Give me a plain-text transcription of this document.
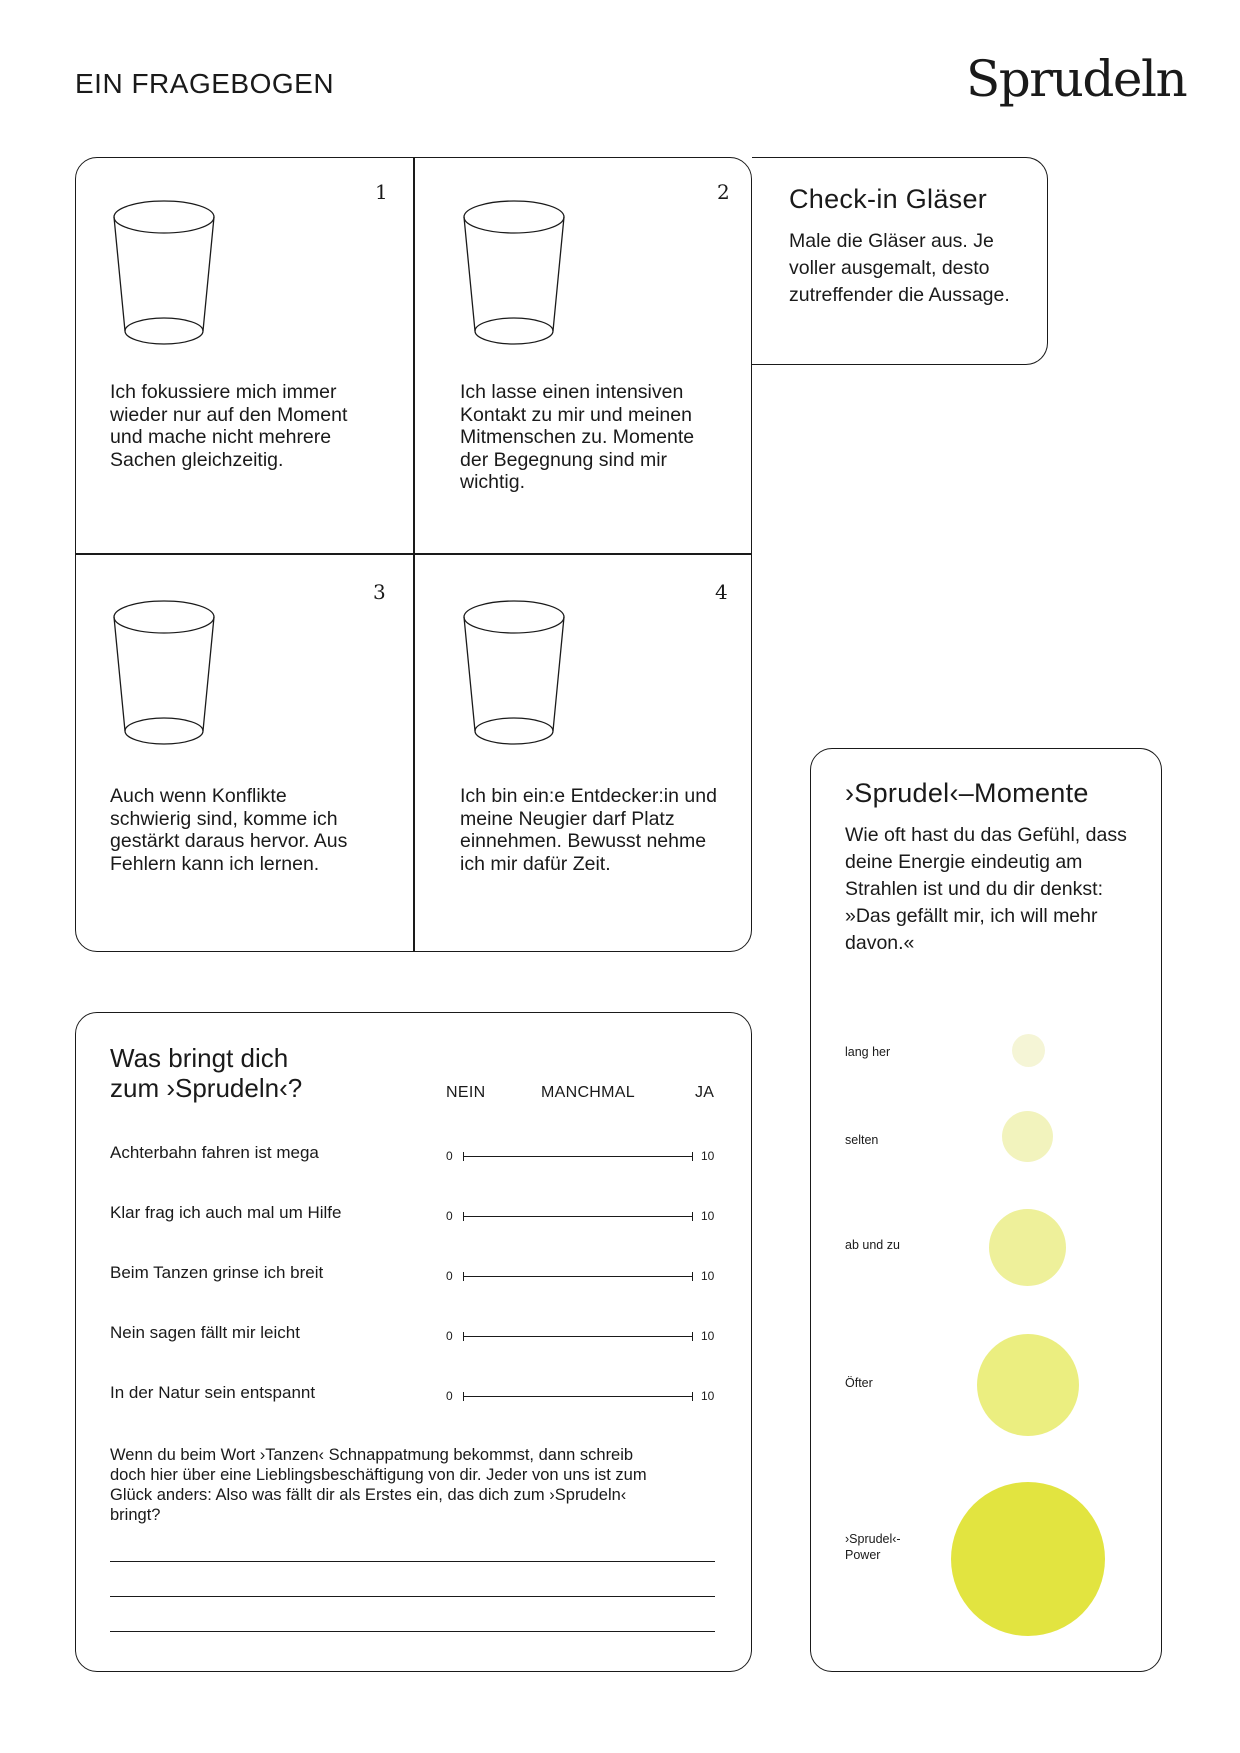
EIN FRAGEBOGEN	Sprudeln
1
Ich fokussiere mich immer wieder nur auf den Moment und mache nicht mehrere Sachen gleichzeitig.
2
Ich lasse einen intensiven Kontakt zu mir und meinen Mitmenschen zu. Momente der Begegnung sind mir wichtig.
3
Auch wenn Konflikte schwierig sind, komme ich gestärkt daraus hervor. Aus Fehlern kann ich lernen.
4
Ich bin ein:e Entdecker:in und meine Neugier darf Platz einnehmen. Bewusst nehme ich mir dafür Zeit.
Check-in Gläser
Male die Gläser aus. Je voller ausgemalt, desto zutreffender die Aussage.
Was bringt dich
zum ›Sprudeln‹?	NEIN	MANCHMAL	JA
Achterbahn fahren ist mega	0	10
Klar frag ich auch mal um Hilfe	0	10
Beim Tanzen grinse ich breit	0	10
Nein sagen fällt mir leicht	0	10
In der Natur sein entspannt	0	10
Wenn du beim Wort ›Tanzen‹ Schnappatmung bekommst, dann schreib doch hier über eine Lieblingsbeschäftigung von dir. Jeder von uns ist zum Glück anders: Also was fällt dir als Erstes ein, das dich zum ›Sprudeln‹ bringt?
›Sprudel‹–Momente
Wie oft hast du das Gefühl, dass deine Energie eindeutig am Strahlen ist und du dir denkst: »Das gefällt mir, ich will mehr davon.«
lang her
selten
ab und zu
Öfter
›Sprudel‹-Power
